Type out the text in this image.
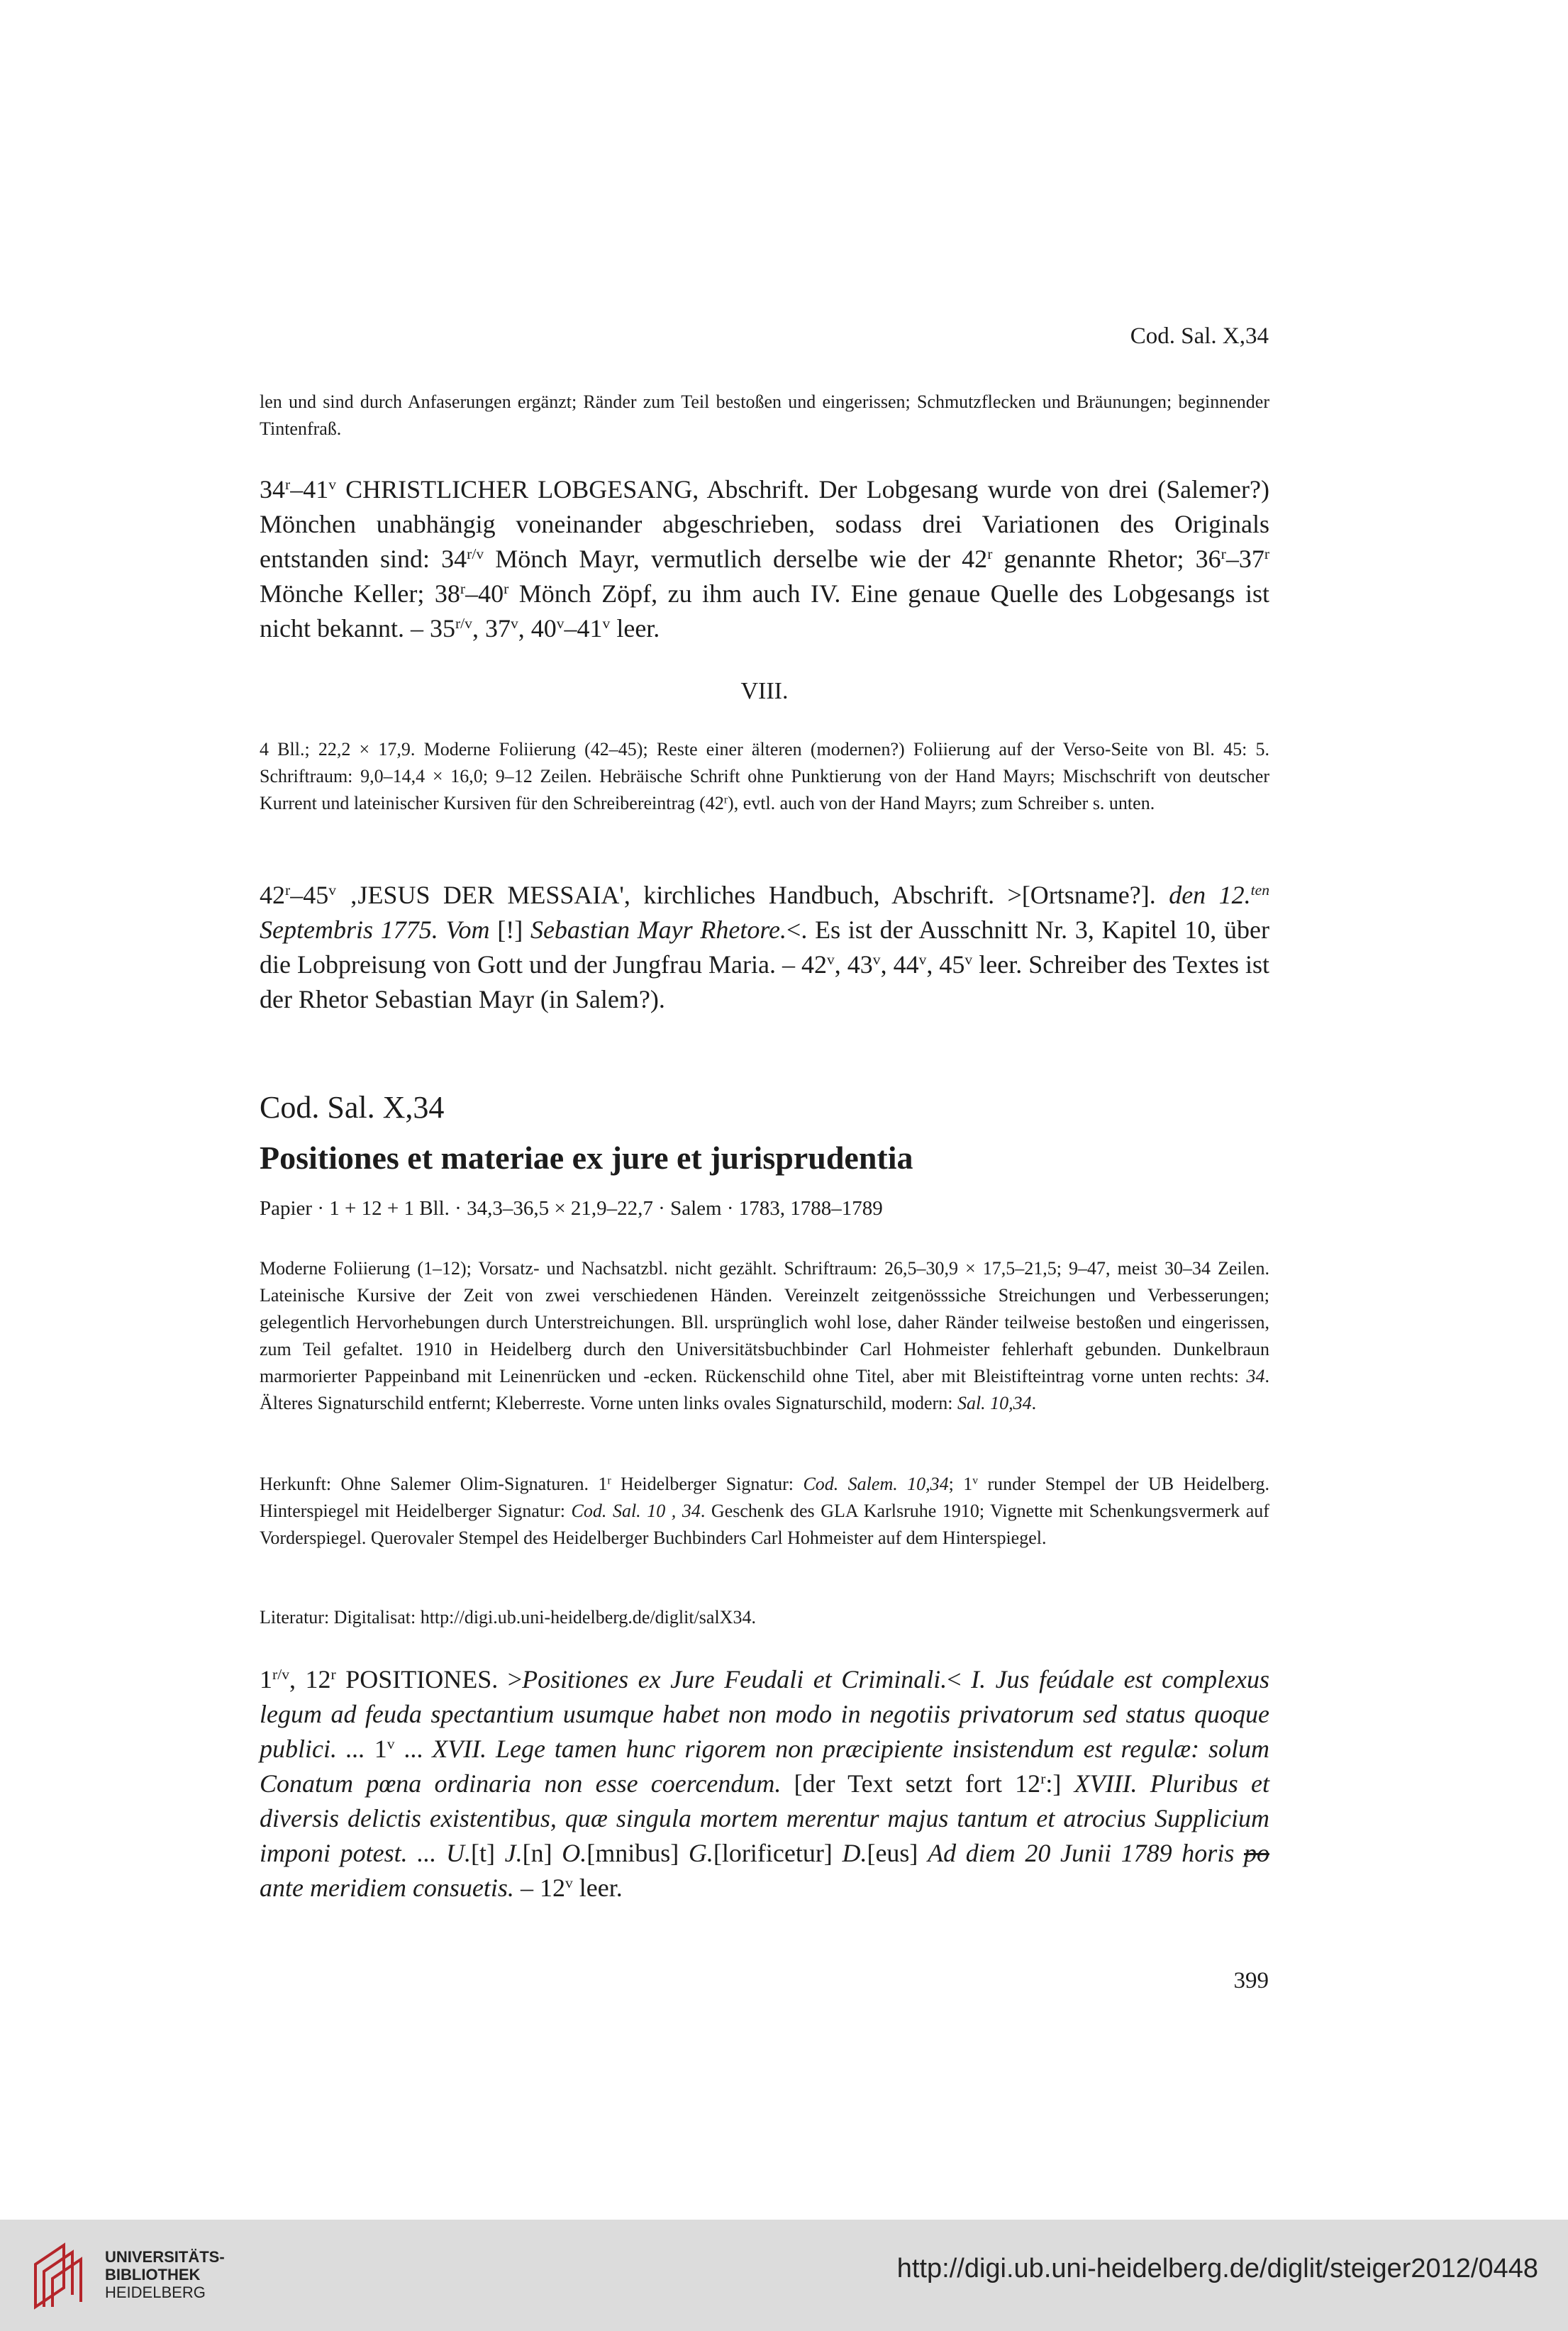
Cod. Sal. X,34
len und sind durch Anfaserungen ergänzt; Ränder zum Teil bestoßen und eingerissen; Schmutzflecken und Bräunungen; beginnender Tintenfraß.
34$^r$–41$^v$ CHRISTLICHER LOBGESANG, Abschrift. Der Lobgesang wurde von drei (Salemer?) Mönchen unabhängig voneinander abgeschrieben, sodass drei Variationen des Originals entstanden sind: $34^{r/v}$ Mönch Mayr, vermutlich derselbe wie der 42$^r$ genannte Rhetor; 36$^r$–37$^r$ Mönche Keller; 38$^r$–40$^r$ Mönch Zöpf, zu ihm auch IV. Eine genaue Quelle des Lobgesangs ist nicht bekannt. – $35^{r/v}$, 37$^v$, 40$^v$–41$^v$ leer.
VIII.
4 Bll.; 22,2 × 17,9. Moderne Foliierung (42–45); Reste einer älteren (modernen?) Foliierung auf der Verso-Seite von Bl. 45: 5. Schriftraum: 9,0–14,4 × 16,0; 9–12 Zeilen. Hebräische Schrift ohne Punktierung von der Hand Mayrs; Mischschrift von deutscher Kurrent und lateinischer Kursiven für den Schreibereintrag (42$^r$), evtl. auch von der Hand Mayrs; zum Schreiber s. unten.
42$^r$–45$^v$ ‚JESUS DER MESSAIA', kirchliches Handbuch, Abschrift. >[Ortsname?]. den 12.$^{ten}$ Septembris 1775. Vom [!] Sebastian Mayr Rhetore.<. Es ist der Ausschnitt Nr. 3, Kapitel 10, über die Lobpreisung von Gott und der Jungfrau Maria. – 42$^v$, 43$^v$, 44$^v$, 45$^v$ leer. Schreiber des Textes ist der Rhetor Sebastian Mayr (in Salem?).
Cod. Sal. X,34
Positiones et materiae ex jure et jurisprudentia
Papier · 1 + 12 + 1 Bll. · 34,3–36,5 × 21,9–22,7 · Salem · 1783, 1788–1789
Moderne Foliierung (1–12); Vorsatz- und Nachsatzbl. nicht gezählt. Schriftraum: 26,5–30,9 × 17,5–21,5; 9–47, meist 30–34 Zeilen. Lateinische Kursive der Zeit von zwei verschiedenen Händen. Vereinzelt zeitgenösssiche Streichungen und Verbesserungen; gelegentlich Hervorhebungen durch Unterstreichungen. Bll. ursprünglich wohl lose, daher Ränder teilweise bestoßen und eingerissen, zum Teil gefaltet. 1910 in Heidelberg durch den Universitätsbuchbinder Carl Hohmeister fehlerhaft gebunden. Dunkelbraun marmorierter Pappeinband mit Leinenrücken und -ecken. Rückenschild ohne Titel, aber mit Bleistifteintrag vorne unten rechts: 34. Älteres Signaturschild entfernt; Kleberreste. Vorne unten links ovales Signaturschild, modern: Sal. 10,34.
Herkunft: Ohne Salemer Olim-Signaturen. 1$^r$ Heidelberger Signatur: Cod. Salem. 10,34; 1$^v$ runder Stempel der UB Heidelberg. Hinterspiegel mit Heidelberger Signatur: Cod. Sal. 10 , 34. Geschenk des GLA Karlsruhe 1910; Vignette mit Schenkungsvermerk auf Vorderspiegel. Querovaler Stempel des Heidelberger Buchbinders Carl Hohmeister auf dem Hinterspiegel.
Literatur: Digitalisat: http://digi.ub.uni-heidelberg.de/diglit/salX34.
$1^{r/v}$, 12$^r$ POSITIONES. >Positiones ex Jure Feudali et Criminali.< I. Jus feúdale est complexus legum ad feuda spectantium usumque habet non modo in negotiis privatorum sed status quoque publici. ... 1$^v$ ... XVII. Lege tamen hunc rigorem non præcipiente insistendum est regulæ: solum Conatum pœna ordinaria non esse coercendum. [der Text setzt fort 12$^r$:] XVIII. Pluribus et diversis delictis existentibus, quæ singula mortem merentur majus tantum et atrocius Supplicium imponi potest. ... U.[t] J.[n] O.[mnibus] G.[lorificetur] D.[eus] Ad diem 20 Junii 1789 horis po ante meridiem consuetis. – 12$^v$ leer.
399
UNIVERSITÄTS-
BIBLIOTHEK
HEIDELBERG
http://digi.ub.uni-heidelberg.de/diglit/steiger2012/0448
